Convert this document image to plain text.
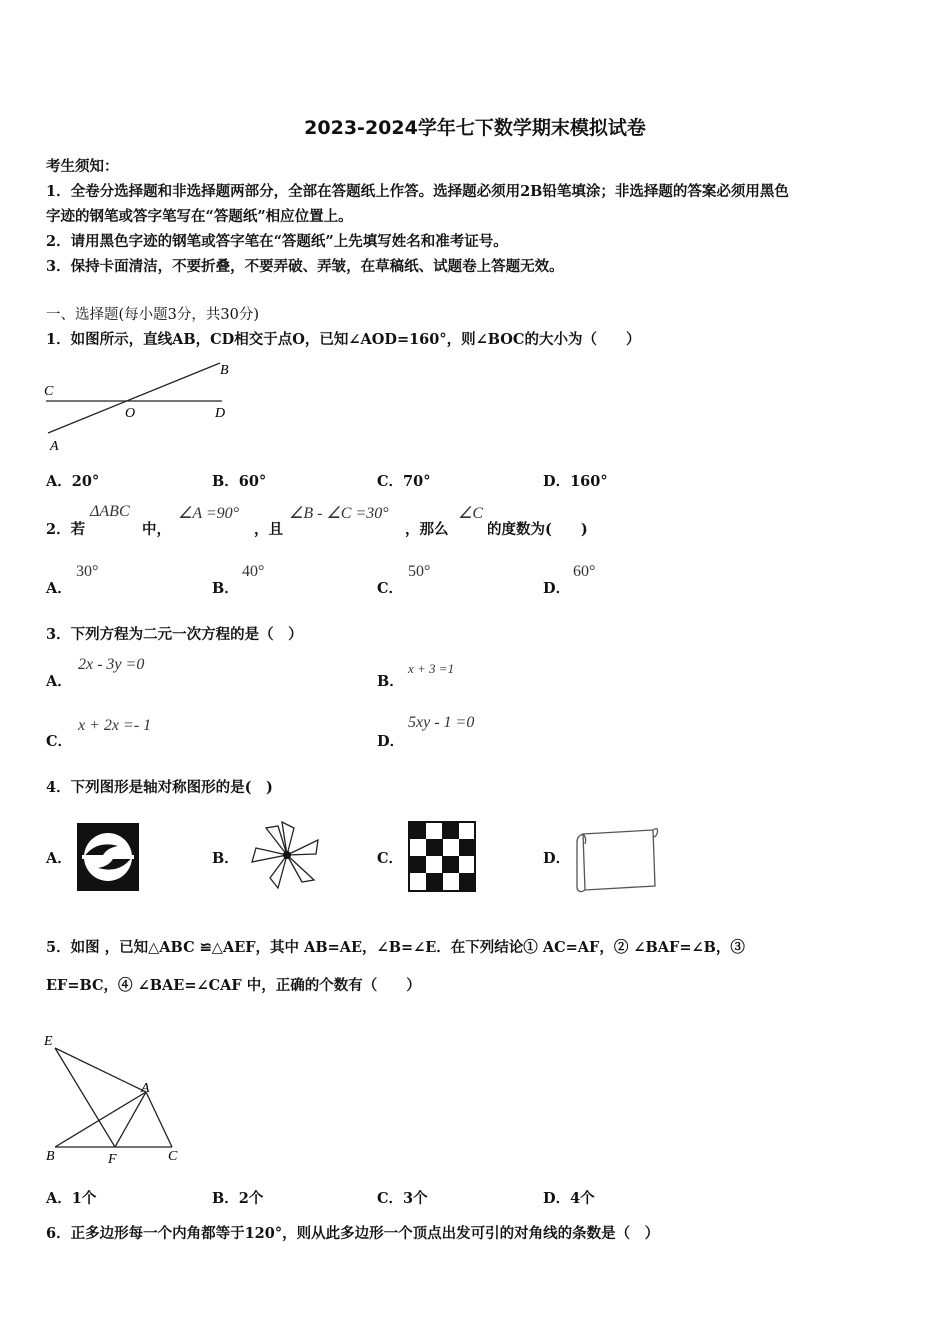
2023-2024学年七下数学期末模拟试卷
考生须知：
1．全卷分选择题和非选择题两部分，全部在答题纸上作答。选择题必须用2B铅笔填涂；非选择题的答案必须用黑色
字迹的钢笔或答字笔写在“答题纸”相应位置上。
2．请用黑色字迹的钢笔或答字笔在“答题纸”上先填写姓名和准考证号。
3．保持卡面清洁，不要折叠，不要弄破、弄皱，在草稿纸、试题卷上答题无效。
一、选择题(每小题3分，共30分)
1．如图所示，直线AB，CD相交于点O，已知∠AOD=160°，则∠BOC的大小为（　　）
B
C
O	D
A
A．20°	B．60°	C．70°	D．160°
2．若
ΔABC
中，
∠A =90°
，且
∠B - ∠C =30°
，那么
∠C
的度数为(　　)
A．
30°
B．
40°
C．
50°
D．
60°
3．下列方程为二元一次方程的是（　）
A．
2x - 3y =0
B．
x + 3 =1
C．
x + 2x =- 1
D．
5xy - 1 =0
4．下列图形是轴对称图形的是(　)
A．	B．	C．	D．
5．如图 ，已知△ABC ≌△AEF，其中 AB=AE，∠B=∠E．在下列结论① AC=AF，② ∠BAF=∠B，③
EF=BC，④ ∠BAE=∠CAF 中，正确的个数有（　　）
E
A
B	F	C
A．1个	B．2个	C．3个	D．4个
6．正多边形每一个内角都等于120°，则从此多边形一个顶点出发可引的对角线的条数是（　）
